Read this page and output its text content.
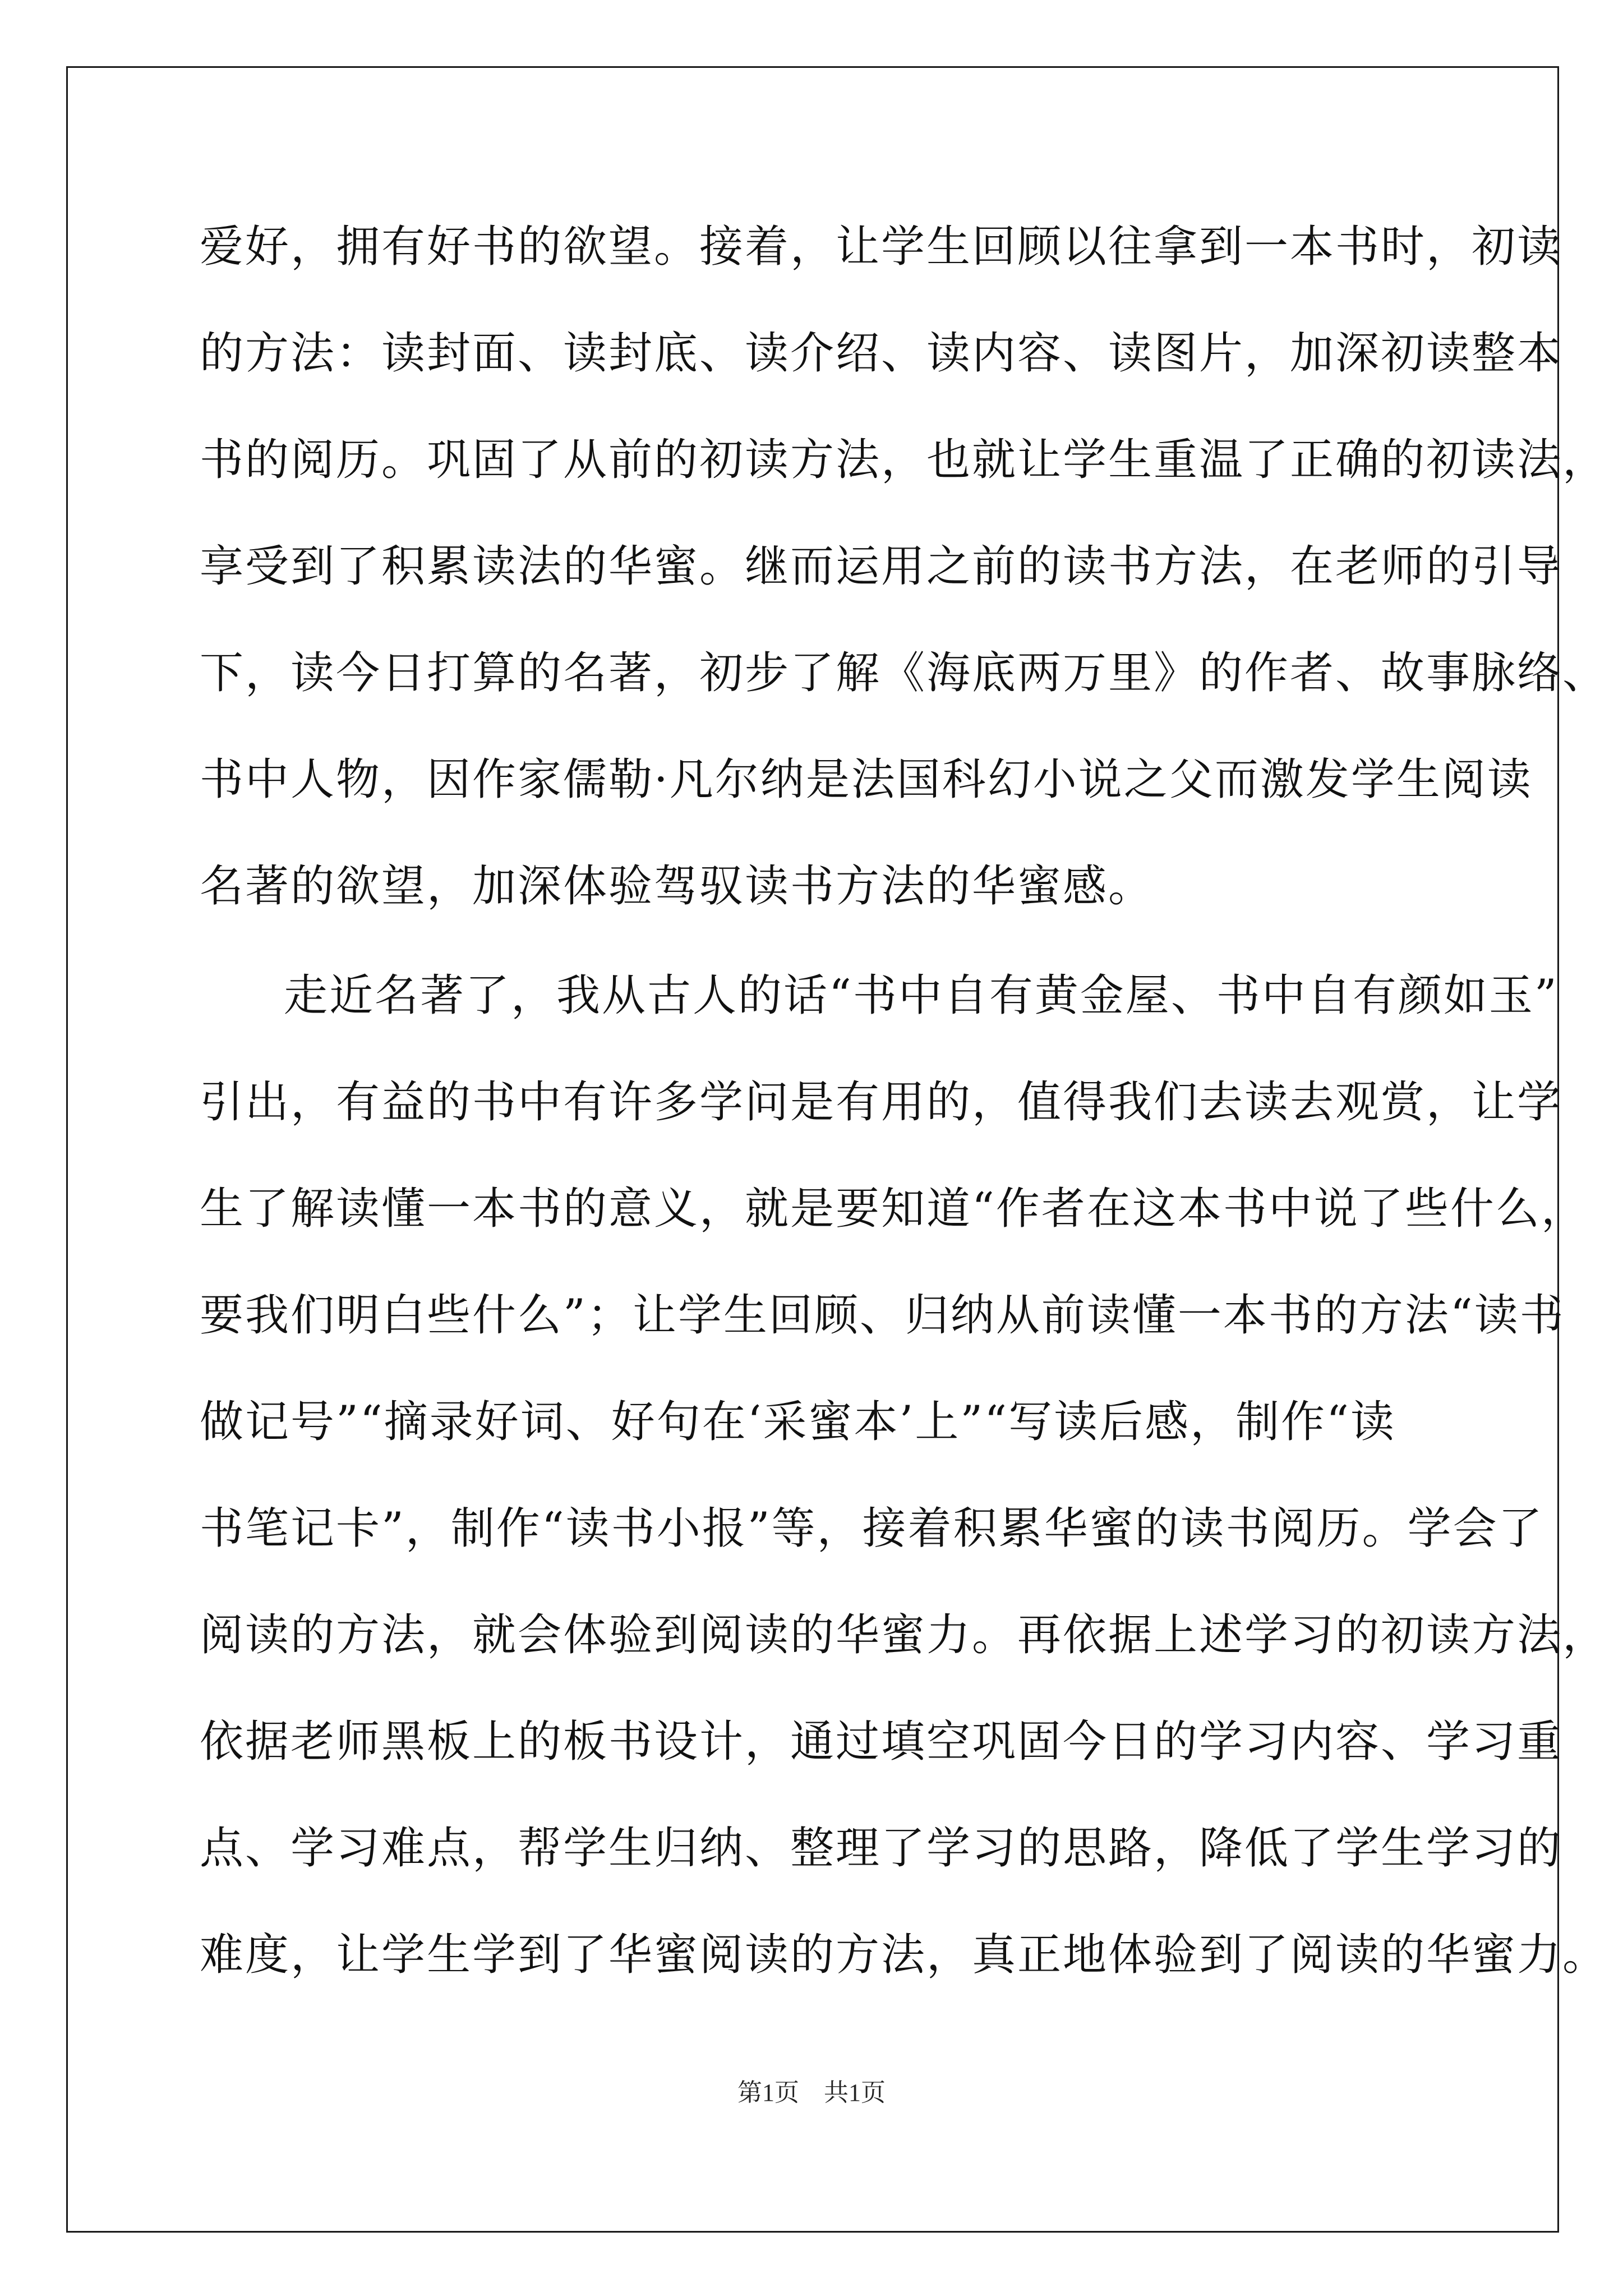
爱好，拥有好书的欲望。接着，让学生回顾以往拿到一本书时，初读
的方法：读封面、读封底、读介绍、读内容、读图片，加深初读整本
书的阅历。巩固了从前的初读方法，也就让学生重温了正确的初读法，
享受到了积累读法的华蜜。继而运用之前的读书方法，在老师的引导
下，读今日打算的名著，初步了解《海底两万里》的作者、故事脉络、
书中人物，因作家儒勒·凡尔纳是法国科幻小说之父而激发学生阅读
名著的欲望，加深体验驾驭读书方法的华蜜感。
走近名著了，我从古人的话“书中自有黄金屋、书中自有颜如玉”
引出，有益的书中有许多学问是有用的，值得我们去读去观赏，让学
生了解读懂一本书的意义，就是要知道“作者在这本书中说了些什么，
要我们明白些什么”；让学生回顾、归纳从前读懂一本书的方法“读书
做记号”“摘录好词、好句在‘采蜜本’上”“写读后感，制作“读
书笔记卡”，制作“读书小报”等，接着积累华蜜的读书阅历。学会了
阅读的方法，就会体验到阅读的华蜜力。再依据上述学习的初读方法，
依据老师黑板上的板书设计，通过填空巩固今日的学习内容、学习重
点、学习难点，帮学生归纳、整理了学习的思路，降低了学生学习的
难度，让学生学到了华蜜阅读的方法，真正地体验到了阅读的华蜜力。
第1页　共1页
